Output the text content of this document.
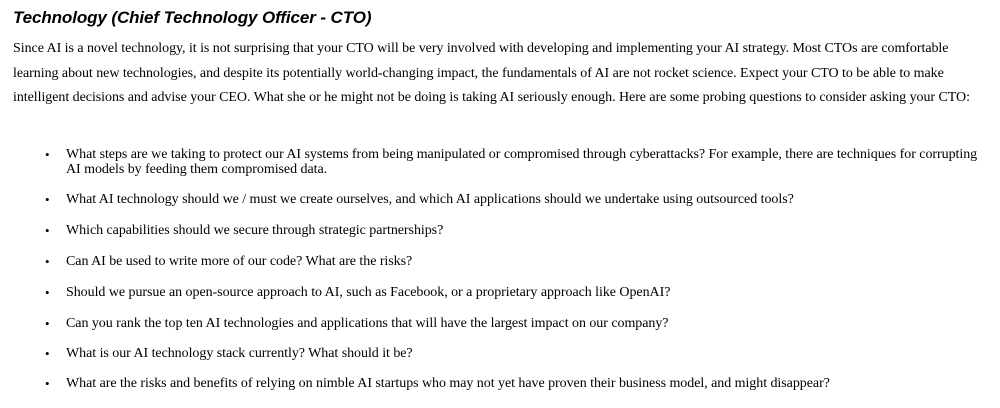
Technology (Chief Technology Officer - CTO)

Since AI is a novel technology, it is not surprising that your CTO will be very involved with developing and implementing your AI strategy. Most CTOs are comfortable learning about new technologies, and despite its potentially world-changing impact, the fundamentals of AI are not rocket science. Expect your CTO to be able to make intelligent decisions and advise your CEO. What she or he might not be doing is taking AI seriously enough. Here are some probing questions to consider asking your CTO:

• What steps are we taking to protect our AI systems from being manipulated or compromised through cyberattacks? For example, there are techniques for corrupting AI models by feeding them compromised data.
• What AI technology should we / must we create ourselves, and which AI applications should we undertake using outsourced tools?
• Which capabilities should we secure through strategic partnerships?
• Can AI be used to write more of our code? What are the risks?
• Should we pursue an open-source approach to AI, such as Facebook, or a proprietary approach like OpenAI?
• Can you rank the top ten AI technologies and applications that will have the largest impact on our company?
• What is our AI technology stack currently? What should it be?
• What are the risks and benefits of relying on nimble AI startups who may not yet have proven their business model, and might disappear?
